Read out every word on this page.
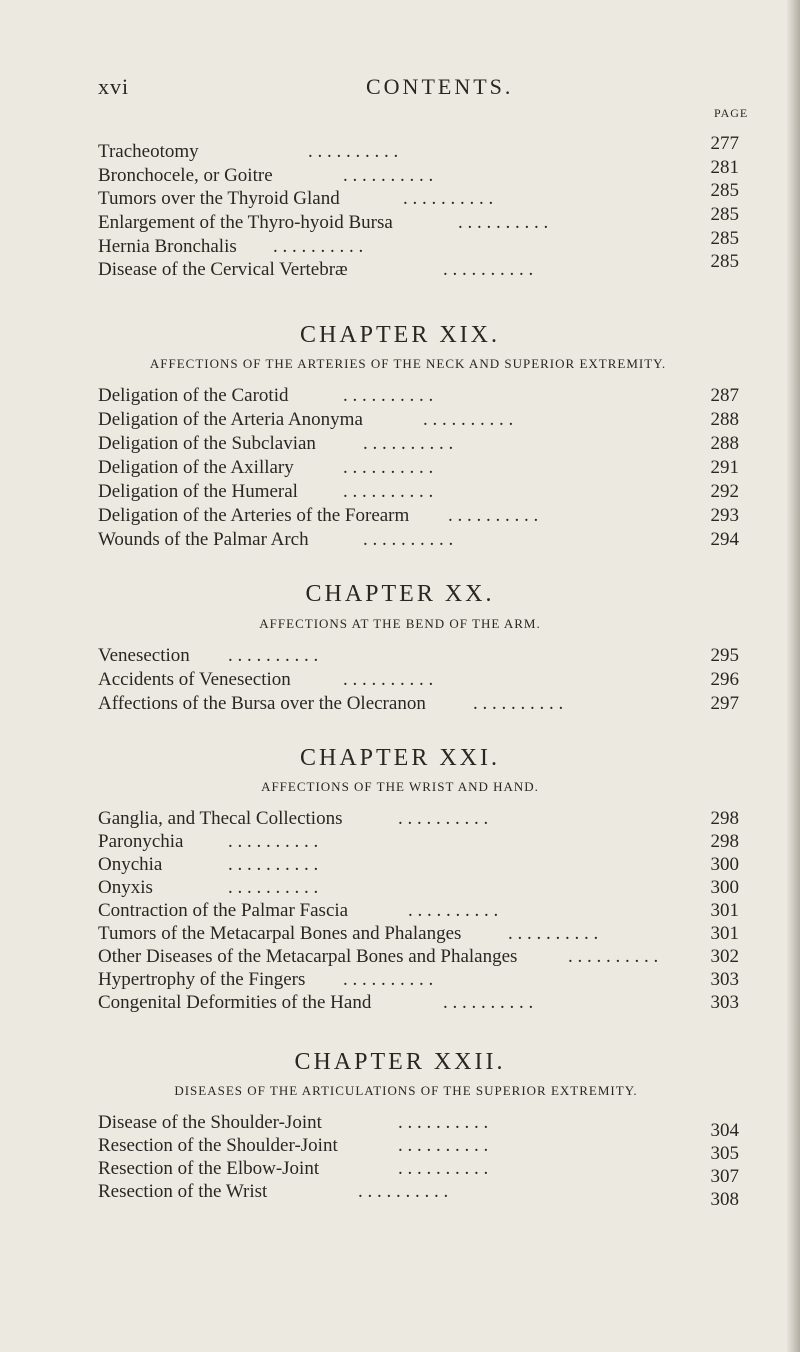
xvi	CONTENTS.
PAGE
Tracheotomy	. . . . . . . . . .	277
Bronchocele, or Goitre	. . . . . . . . . .	281
Tumors over the Thyroid Gland	. . . . . . . . . .	285
Enlargement of the Thyro-hyoid Bursa	. . . . . . . . . .	285
Hernia Bronchalis . . . . . . . . . .	285
Disease of the Cervical Vertebræ	. . . . . . . . . .	285
CHAPTER XIX.
AFFECTIONS OF THE ARTERIES OF THE NECK AND SUPERIOR EXTREMITY.
Deligation of the Carotid	. . . . . . . . . .	287
Deligation of the Arteria Anonyma	. . . . . . . . . .	288
Deligation of the Subclavian . . . . . . . . . .	288
Deligation of the Axillary	. . . . . . . . . .	291
Deligation of the Humeral . . . . . . . . . .	292
Deligation of the Arteries of the Forearm . . . . . . . . . .	293
Wounds of the Palmar Arch	. . . . . . . . . .	294
CHAPTER XX.
AFFECTIONS AT THE BEND OF THE ARM.
Venesection . . . . . . . . . .	295
Accidents of Venesection	. . . . . . . . . .	296
Affections of the Bursa over the Olecranon . . . . . . . . . .	297
CHAPTER XXI.
AFFECTIONS OF THE WRIST AND HAND.
Ganglia, and Thecal Collections	. . . . . . . . . .	298
Paronychia . . . . . . . . . .	298
Onychia	. . . . . . . . . .	300
Onyxis	. . . . . . . . . .	300
Contraction of the Palmar Fascia	. . . . . . . . . .	301
Tumors of the Metacarpal Bones and Phalanges . . . . . . . . . .	301
Other Diseases of the Metacarpal Bones and Phalanges	. . . . . . . . . .	302
Hypertrophy of the Fingers . . . . . . . . . .	303
Congenital Deformities of the Hand	. . . . . . . . . .	303
CHAPTER XXII.
DISEASES OF THE ARTICULATIONS OF THE SUPERIOR EXTREMITY.
Disease of the Shoulder-Joint	. . . . . . . . . .	304
Resection of the Shoulder-Joint	. . . . . . . . . .	305
Resection of the Elbow-Joint	. . . . . . . . . .	307
Resection of the Wrist	. . . . . . . . . .	308
